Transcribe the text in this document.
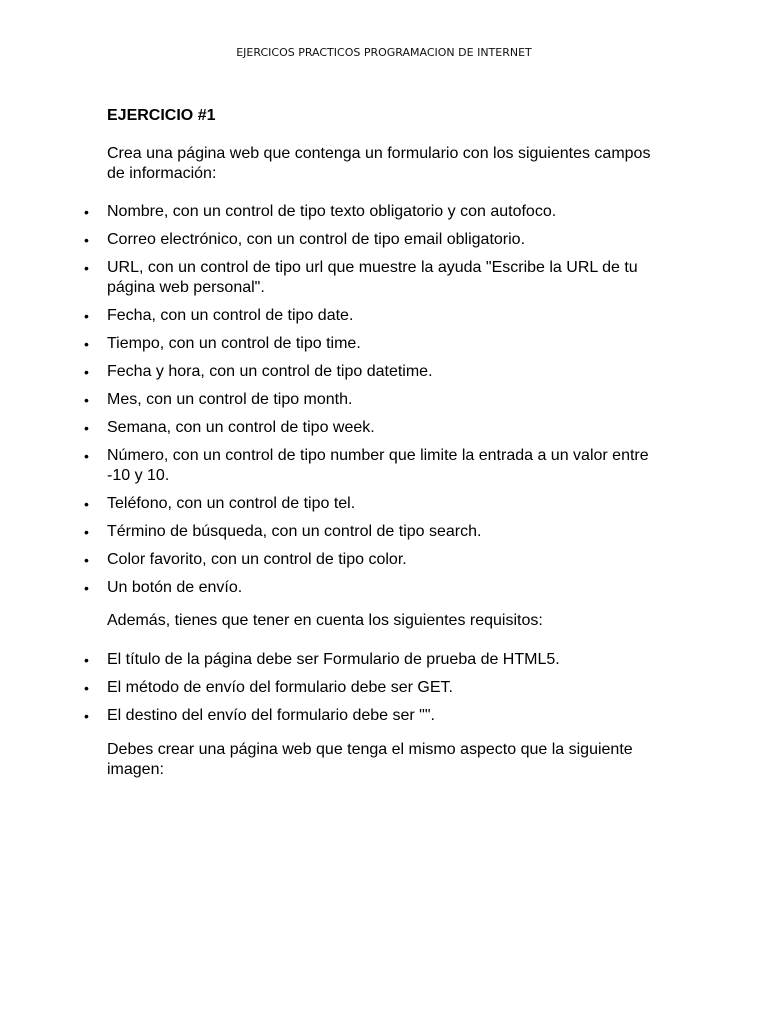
EJERCICOS PRACTICOS PROGRAMACION DE INTERNET
EJERCICIO #1
Crea una página web que contenga un formulario con los siguientes campos de información:
• Nombre, con un control de tipo texto obligatorio y con autofoco.
• Correo electrónico, con un control de tipo email obligatorio.
• URL, con un control de tipo url que muestre la ayuda "Escribe la URL de tu página web personal".
• Fecha, con un control de tipo date.
• Tiempo, con un control de tipo time.
• Fecha y hora, con un control de tipo datetime.
• Mes, con un control de tipo month.
• Semana, con un control de tipo week.
• Número, con un control de tipo number que limite la entrada a un valor entre -10 y 10.
• Teléfono, con un control de tipo tel.
• Término de búsqueda, con un control de tipo search.
• Color favorito, con un control de tipo color.
• Un botón de envío.
Además, tienes que tener en cuenta los siguientes requisitos:
• El título de la página debe ser Formulario de prueba de HTML5.
• El método de envío del formulario debe ser GET.
• El destino del envío del formulario debe ser "".
Debes crear una página web que tenga el mismo aspecto que la siguiente imagen:
